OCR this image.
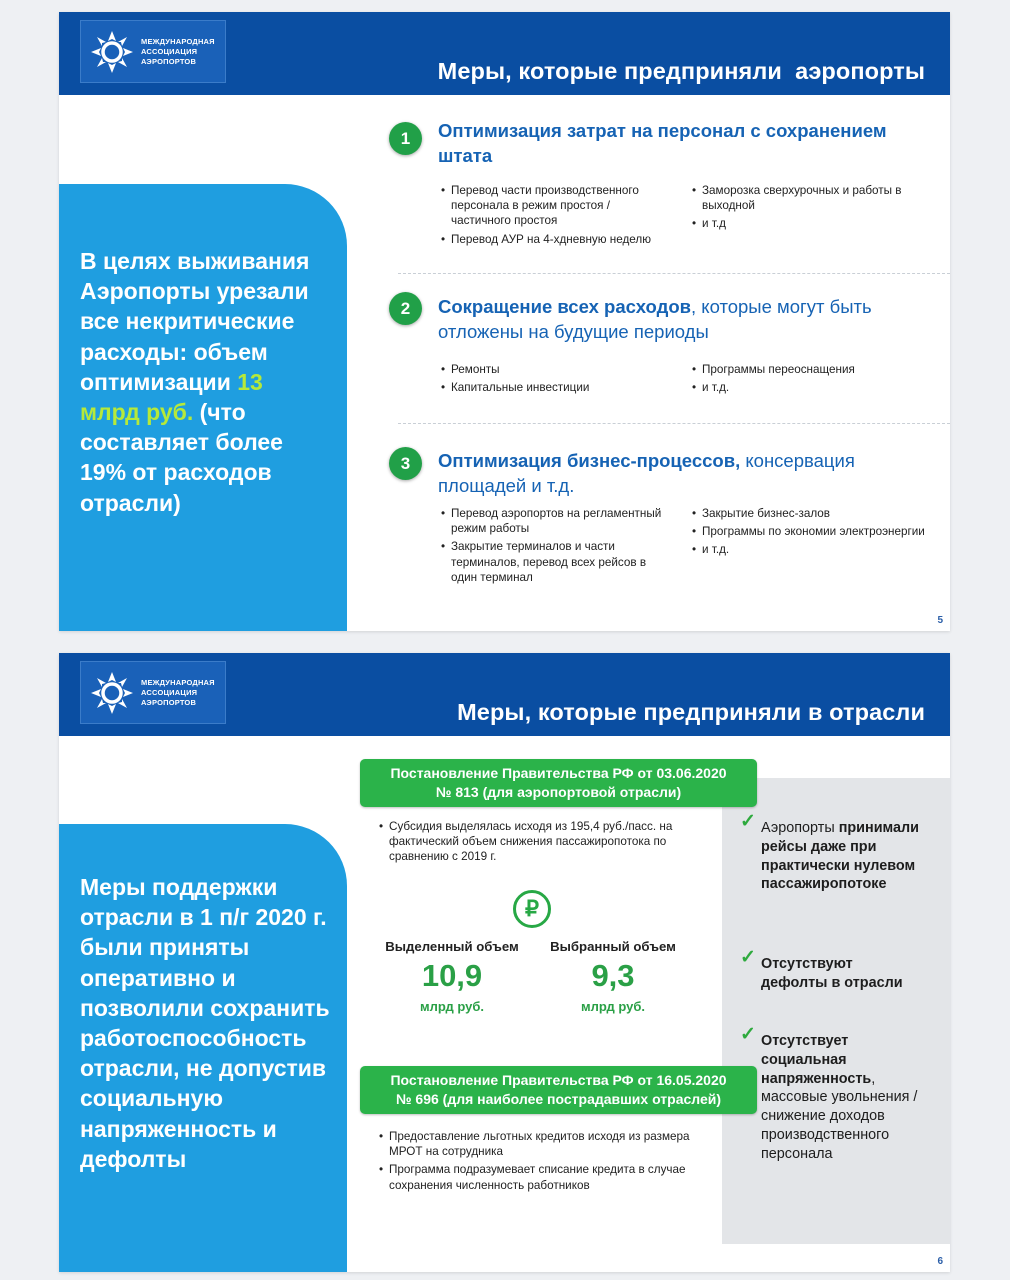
МЕЖДУНАРОДНАЯ
АССОЦИАЦИЯ
АЭРОПОРТОВ	Меры, которые предприняли  аэропорты
В целях выживания Аэропорты урезали все некритические расходы: объем оптимизации 13 млрд руб. (что составляет более 19% от расходов отрасли)
1	Оптимизация затрат на персонал с сохранением штата
• Перевод части производственного персонала в режим простоя / частичного простоя
• Перевод АУР на 4-хдневную неделю
• Заморозка сверхурочных и работы в выходной
• и т.д
2	Сокращение всех расходов, которые могут быть отложены на будущие периоды
• Ремонты
• Капитальные инвестиции
• Программы переоснащения
• и т.д.
3	Оптимизация бизнес-процессов, консервация площадей и т.д.
• Перевод аэропортов на регламентный режим работы
• Закрытие терминалов и части терминалов, перевод всех рейсов в один терминал
• Закрытие бизнес-залов
• Программы по экономии электроэнергии
• и т.д.
5
МЕЖДУНАРОДНАЯ
АССОЦИАЦИЯ
АЭРОПОРТОВ	Меры, которые предприняли в отрасли
Меры поддержки отрасли в 1 п/г 2020 г. были приняты оперативно и позволили сохранить работоспособность отрасли, не допустив социальную напряженность и дефолты
Постановление Правительства РФ от 03.06.2020
№ 813 (для аэропортовой отрасли)
• Субсидия выделялась исходя из 195,4 руб./пасс. на фактический объем снижения пассажиропотока по сравнению с 2019 г.
₽
Выделенный объем
10,9
млрд руб.
Выбранный объем
9,3
млрд руб.
Постановление Правительства РФ от 16.05.2020
№ 696 (для наиболее пострадавших отраслей)
• Предоставление льготных кредитов исходя из размера МРОТ на сотрудника
• Программа подразумевает списание кредита в случае сохранения численность работников
✓ Аэропорты принимали рейсы даже при практически нулевом пассажиропотоке
✓ Отсутствуют дефолты в отрасли
✓ Отсутствует социальная напряженность, массовые увольнения / снижение доходов производственного персонала
6
